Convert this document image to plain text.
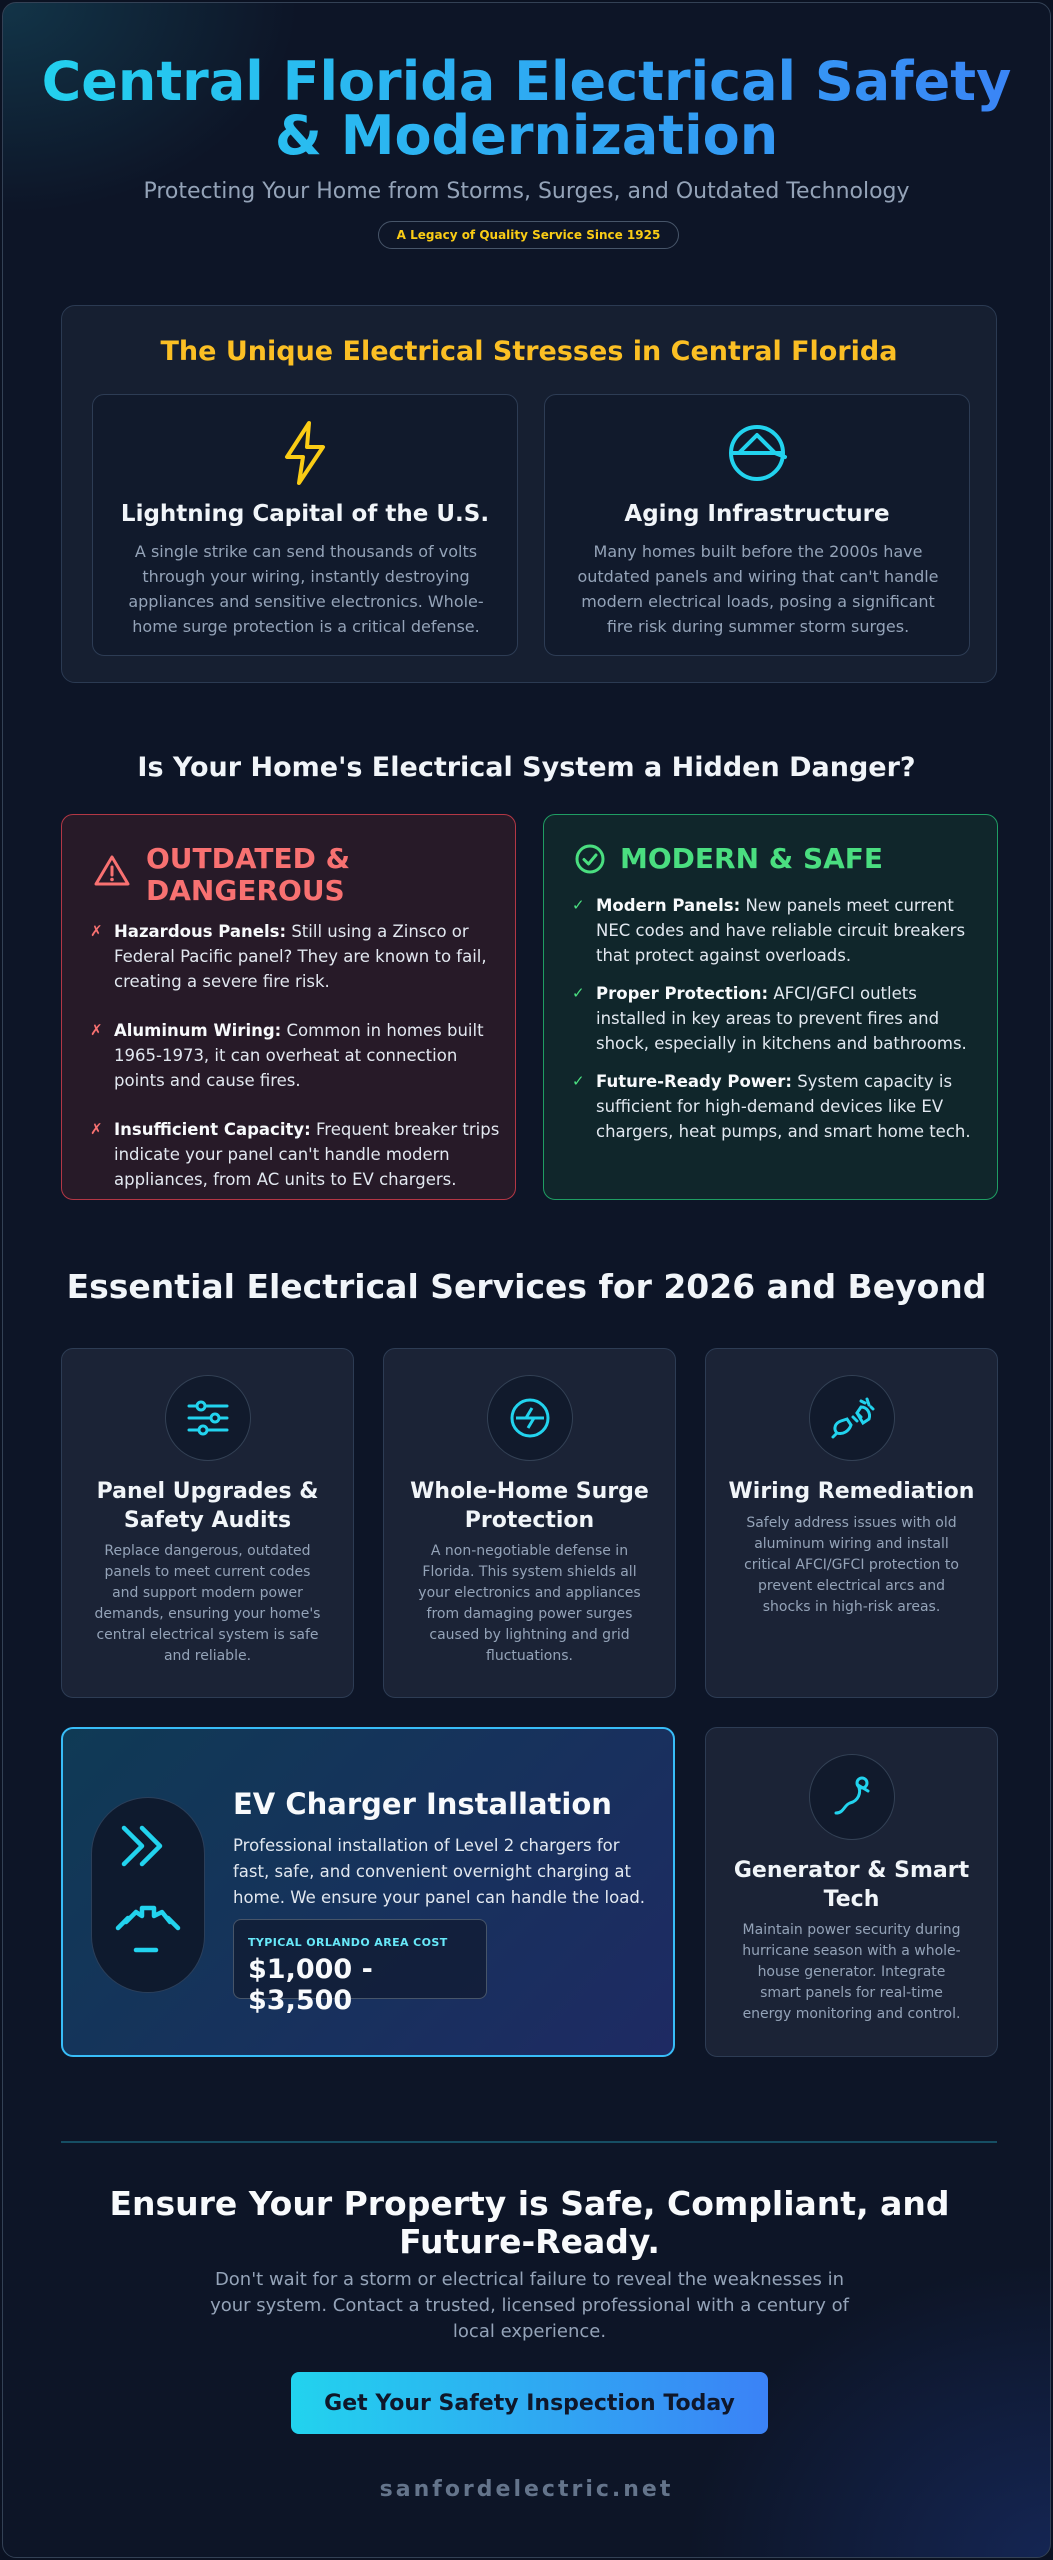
Central Florida Electrical Safety
& Modernization
Protecting Your Home from Storms, Surges, and Outdated Technology
A Legacy of Quality Service Since 1925
The Unique Electrical Stresses in Central Florida
Lightning Capital of the U.S.

A single strike can send thousands of volts through your wiring, instantly destroying appliances and sensitive electronics. Whole-home surge protection is a critical defense.

Aging Infrastructure

Many homes built before the 2000s have outdated panels and wiring that can't handle modern electrical loads, posing a significant fire risk during summer storm surges.

Is Your Home's Electrical System a Hidden Danger?
OUTDATED & DANGEROUS
✗ Hazardous Panels: Still using a Zinsco or Federal Pacific panel? They are known to fail, creating a severe fire risk.
✗ Aluminum Wiring: Common in homes built 1965-1973, it can overheat at connection points and cause fires.
✗ Insufficient Capacity: Frequent breaker trips indicate your panel can't handle modern appliances, from AC units to EV chargers.
MODERN & SAFE
✓ Modern Panels: New panels meet current NEC codes and have reliable circuit breakers that protect against overloads.
✓ Proper Protection: AFCI/GFCI outlets installed in key areas to prevent fires and shock, especially in kitchens and bathrooms.
✓ Future-Ready Power: System capacity is sufficient for high-demand devices like EV chargers, heat pumps, and smart home tech.
Essential Electrical Services for 2026 and Beyond
Panel Upgrades & Safety Audits

Replace dangerous, outdated panels to meet current codes and support modern power demands, ensuring your home's central electrical system is safe and reliable.

Whole-Home Surge Protection

A non-negotiable defense in Florida. This system shields all your electronics and appliances from damaging power surges caused by lightning and grid fluctuations.

Wiring Remediation

Safely address issues with old aluminum wiring and install critical AFCI/GFCI protection to prevent electrical arcs and shocks in high-risk areas.

EV Charger Installation

Professional installation of Level 2 chargers for fast, safe, and convenient overnight charging at home. We ensure your panel can handle the load.

TYPICAL ORLANDO AREA COST
$1,000 - $3,500
Generator & Smart Tech

Maintain power security during hurricane season with a whole-house generator. Integrate smart panels for real-time energy monitoring and control.

Ensure Your Property is Safe, Compliant, and Future-Ready.

Don't wait for a storm or electrical failure to reveal the weaknesses in your system. Contact a trusted, licensed professional with a century of local experience.

Get Your Safety Inspection Today
sanfordelectric.net
